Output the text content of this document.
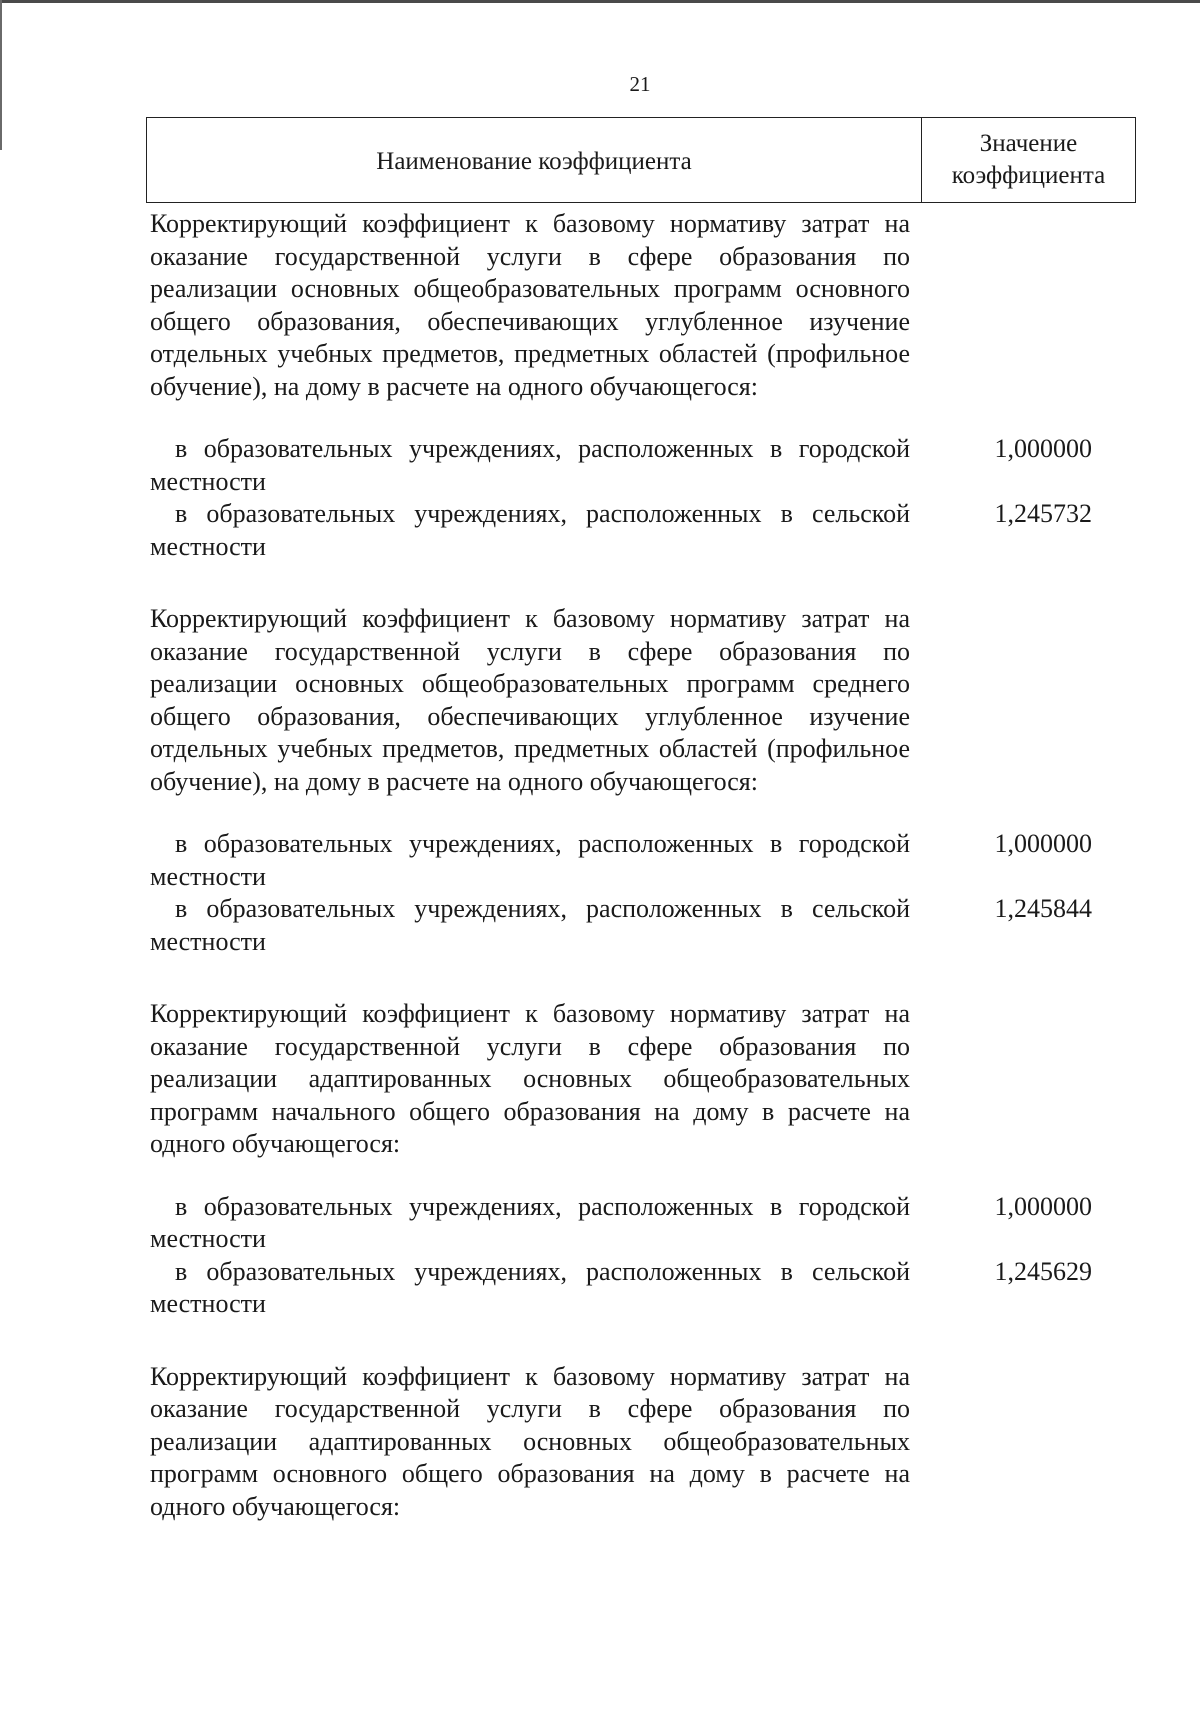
21
Наименование коэффициента
Значение коэффициента

Корректирующий коэффициент к базовому нормативу затрат на оказание государственной услуги в сфере образования по реализации основных общеобразовательных программ основного общего образования, обеспечивающих углубленное изучение отдельных учебных предметов, предметных областей (профильное обучение), на дому в расчете на одного обучающегося:

в образовательных учреждениях, расположенных в городской местности
1,000000
в образовательных учреждениях, расположенных в сельской местности
1,245732

Корректирующий коэффициент к базовому нормативу затрат на оказание государственной услуги в сфере образования по реализации основных общеобразовательных программ среднего общего образования, обеспечивающих углубленное изучение отдельных учебных предметов, предметных областей (профильное обучение), на дому в расчете на одного обучающегося:

в образовательных учреждениях, расположенных в городской местности
1,000000
в образовательных учреждениях, расположенных в сельской местности
1,245844

Корректирующий коэффициент к базовому нормативу затрат на оказание государственной услуги в сфере образования по реализации адаптированных основных общеобразовательных программ начального общего образования на дому в расчете на одного обучающегося:

в образовательных учреждениях, расположенных в городской местности
1,000000
в образовательных учреждениях, расположенных в сельской местности
1,245629

Корректирующий коэффициент к базовому нормативу затрат на оказание государственной услуги в сфере образования по реализации адаптированных основных общеобразовательных программ основного общего образования на дому в расчете на одного обучающегося:
